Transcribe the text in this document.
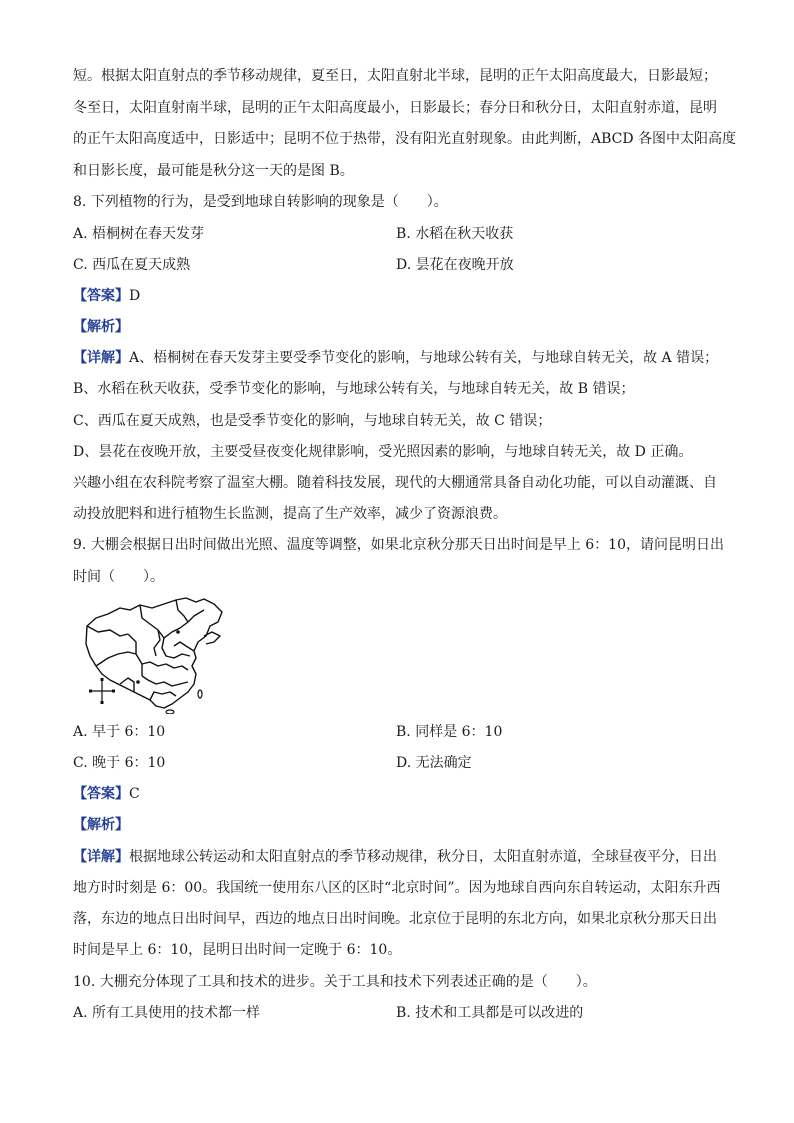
短。根据太阳直射点的季节移动规律，夏至日，太阳直射北半球，昆明的正午太阳高度最大，日影最短；
冬至日，太阳直射南半球，昆明的正午太阳高度最小，日影最长；春分日和秋分日，太阳直射赤道，昆明
的正午太阳高度适中，日影适中；昆明不位于热带，没有阳光直射现象。由此判断，ABCD 各图中太阳高度
和日影长度，最可能是秋分这一天的是图 B。
8. 下列植物的行为，是受到地球自转影响的现象是（　　）。
A. 梧桐树在春天发芽	B. 水稻在秋天收获
C. 西瓜在夏天成熟	D. 昙花在夜晚开放
【答案】D
【解析】
【详解】A、梧桐树在春天发芽主要受季节变化的影响，与地球公转有关，与地球自转无关，故 A 错误；
B、水稻在秋天收获，受季节变化的影响，与地球公转有关，与地球自转无关，故 B 错误；
C、西瓜在夏天成熟，也是受季节变化的影响，与地球自转无关，故 C 错误；
D、昙花在夜晚开放，主要受昼夜变化规律影响，受光照因素的影响，与地球自转无关，故 D 正确。
兴趣小组在农科院考察了温室大棚。随着科技发展，现代的大棚通常具备自动化功能，可以自动灌溉、自
动投放肥料和进行植物生长监测，提高了生产效率，减少了资源浪费。
9. 大棚会根据日出时间做出光照、温度等调整，如果北京秋分那天日出时间是早上 6：10，请问昆明日出
时间（　　）。
A. 早于 6：10	B. 同样是 6：10
C. 晚于 6：10	D. 无法确定
【答案】C
【解析】
【详解】根据地球公转运动和太阳直射点的季节移动规律，秋分日，太阳直射赤道，全球昼夜平分，日出
地方时时刻是 6：00。我国统一使用东八区的区时“北京时间”。因为地球自西向东自转运动，太阳东升西
落，东边的地点日出时间早，西边的地点日出时间晚。北京位于昆明的东北方向，如果北京秋分那天日出
时间是早上 6：10，昆明日出时间一定晚于 6：10。
10. 大棚充分体现了工具和技术的进步。关于工具和技术下列表述正确的是（　　）。
A. 所有工具使用的技术都一样	B. 技术和工具都是可以改进的
